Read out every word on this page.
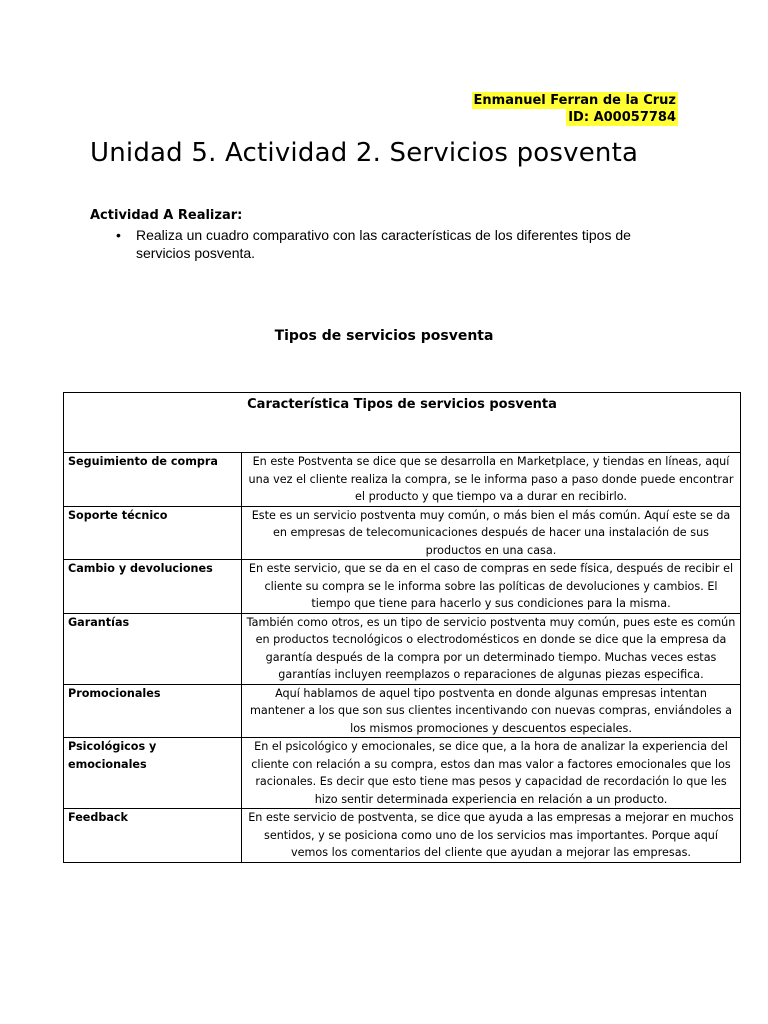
Enmanuel Ferran de la Cruz
ID: A00057784
Unidad 5. Actividad 2. Servicios posventa

Actividad A Realizar:

• Realiza un cuadro comparativo con las características de los diferentes tipos de servicios posventa.
Tipos de servicios posventa
Característica Tipos de servicios posventa	
Seguimiento de compra	En este Postventa se dice que se desarrolla en Marketplace, y tiendas en líneas, aquí una vez el cliente realiza la compra, se le informa paso a paso donde puede encontrar el producto y que tiempo va a durar en recibirlo.
Soporte técnico	Este es un servicio postventa muy común, o más bien el más común. Aquí este se da en empresas de telecomunicaciones después de hacer una instalación de sus productos en una casa.
Cambio y devoluciones	En este servicio, que se da en el caso de compras en sede física, después de recibir el cliente su compra se le informa sobre las políticas de devoluciones y cambios. El tiempo que tiene para hacerlo y sus condiciones para la misma.
Garantías	También como otros, es un tipo de servicio postventa muy común, pues este es común en productos tecnológicos o electrodomésticos en donde se dice que la empresa da garantía después de la compra por un determinado tiempo. Muchas veces estas garantías incluyen reemplazos o reparaciones de algunas piezas especifica.
Promocionales	Aquí hablamos de aquel tipo postventa en donde algunas empresas intentan mantener a los que son sus clientes incentivando con nuevas compras, enviándoles a los mismos promociones y descuentos especiales.
Psicológicos y emocionales	En el psicológico y emocionales, se dice que, a la hora de analizar la experiencia del cliente con relación a su compra, estos dan mas valor a factores emocionales que los racionales. Es decir que esto tiene mas pesos y capacidad de recordación lo que les hizo sentir determinada experiencia en relación a un producto.
Feedback	En este servicio de postventa, se dice que ayuda a las empresas a mejorar en muchos sentidos, y se posiciona como uno de los servicios mas importantes. Porque aquí vemos los comentarios del cliente que ayudan a mejorar las empresas.
